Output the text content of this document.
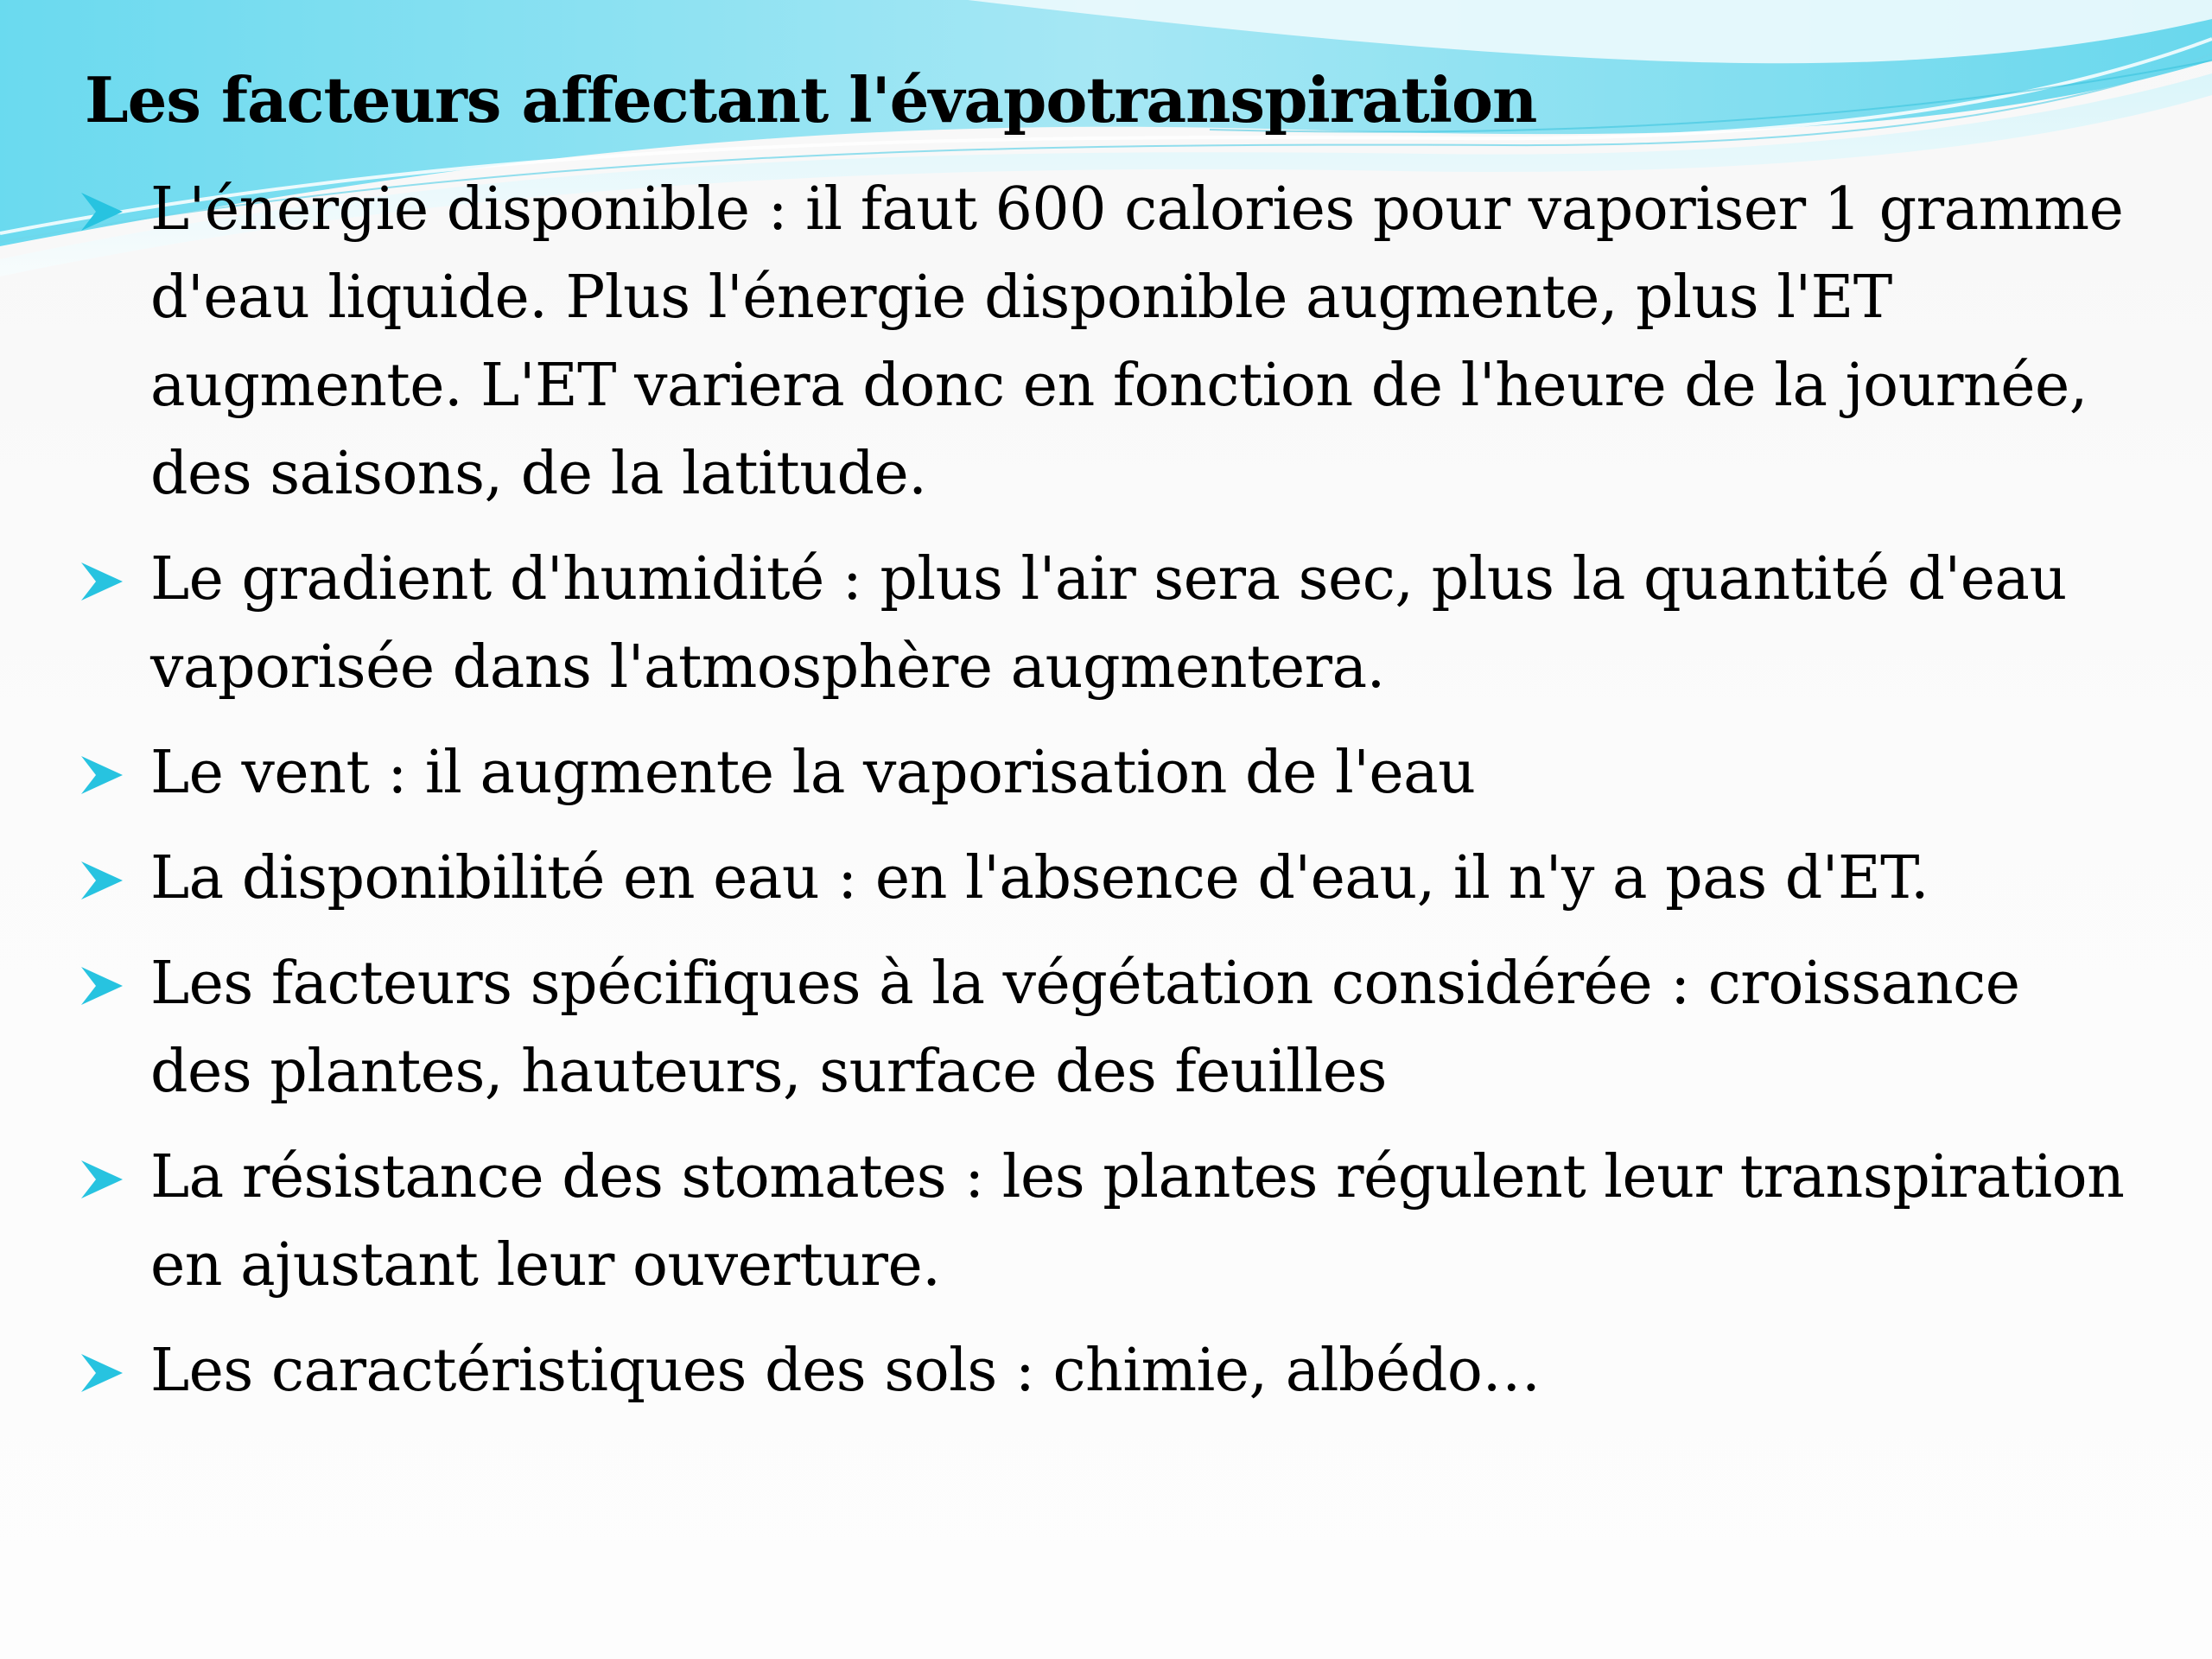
Les facteurs affectant l'évapotranspiration
L'énergie disponible : il faut 600 calories pour vaporiser 1 gramme d'eau liquide. Plus l'énergie disponible augmente, plus l'ET augmente. L'ET variera donc en fonction de l'heure de la journée, des saisons, de la latitude.
Le gradient d'humidité : plus l'air sera sec, plus la quantité d'eau vaporisée dans l'atmosphère augmentera.
Le vent : il augmente la vaporisation de l'eau
La disponibilité en eau : en l'absence d'eau, il n'y a pas d'ET.
Les facteurs spécifiques à la végétation considérée : croissance des plantes, hauteurs, surface des feuilles
La résistance des stomates : les plantes régulent leur transpiration en ajustant leur ouverture.
Les caractéristiques des sols : chimie, albédo…
